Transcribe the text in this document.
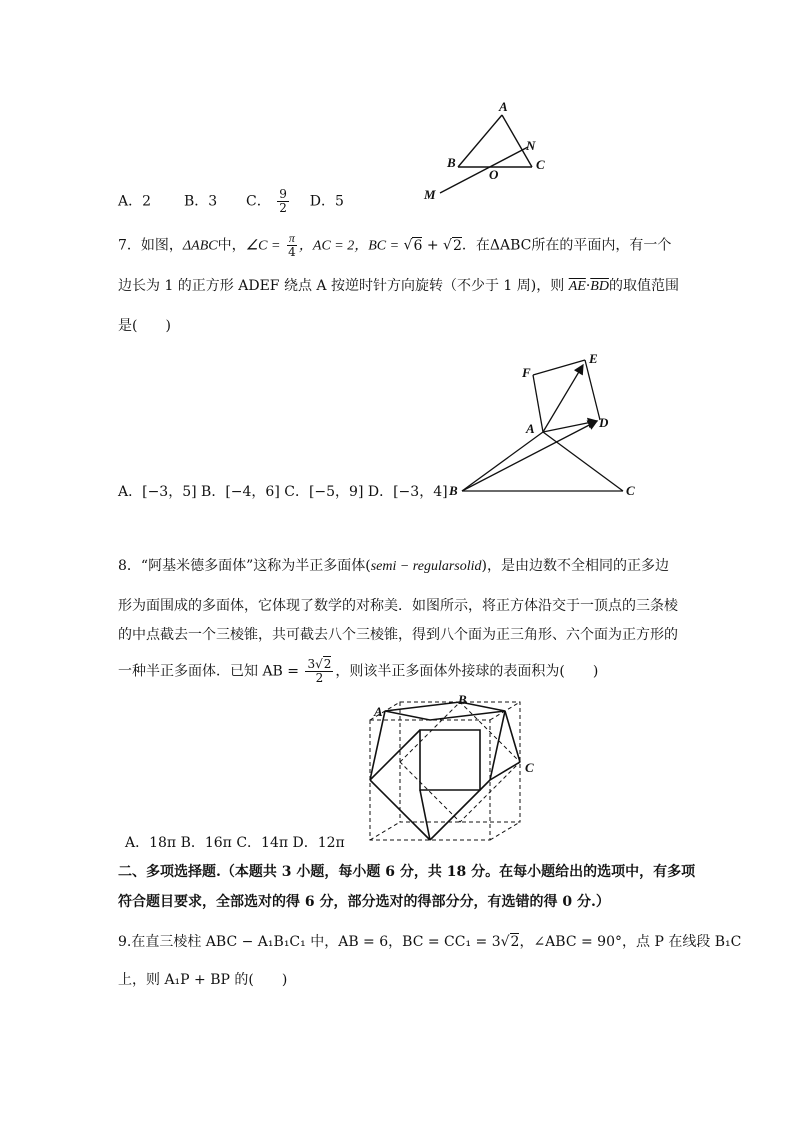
A．2 B．3 C． $\frac{9}{2}$ D．5
A
B
N
C
O
M
7．如图，ΔABC中，∠C = $\frac{\pi}{4}$ ，AC = 2，BC = √6 + √2．在ΔABC所在的平面内，有一个
边长为 1 的正方形 ADEF 绕点 A 按逆时针方向旋转（不少于 1 周)，则 $\overline{AE}\cdot\overline{BD}$的取值范围
是(　　)
A．[−3，5] B．[−4，6] C．[−5，9] D．[−3，4]
F
E
A	D
B	C
8．“阿基米德多面体”这称为半正多面体(semi − regularsolid)，是由边数不全相同的正多边
形为面围成的多面体，它体现了数学的对称美．如图所示，将正方体沿交于一顶点的三条棱
的中点截去一个三棱锥，共可截去八个三棱锥，得到八个面为正三角形、六个面为正方形的
一种半正多面体．已知 AB = $\frac{3√2}{2}$ ，则该半正多面体外接球的表面积为(　　)
A．18π B．16π C．14π D．12π
A
B
C
二、多项选择题.（本题共 3 小题，每小题 6 分，共 18 分。在每小题给出的选项中，有多项
符合题目要求，全部选对的得 6 分，部分选对的得部分分，有选错的得 0 分.）
9.在直三棱柱 ABC − A₁B₁C₁ 中，AB = 6，BC = CC₁ = 3√2，∠ABC = 90°，点 P 在线段 B₁C
上，则 A₁P + BP 的(　　)
